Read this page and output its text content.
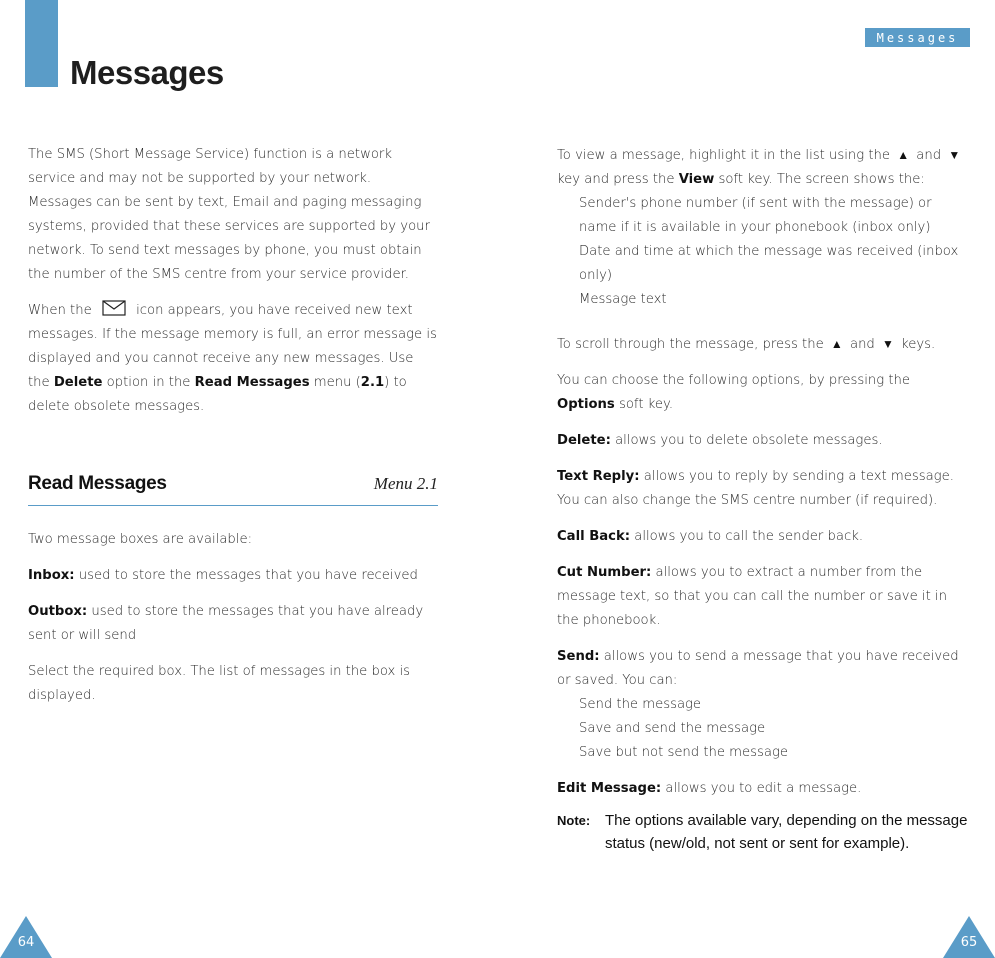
Messages
Messages

The SMS (Short Message Service) function is a network service and may not be supported by your network. Messages can be sent by text, Email and paging messaging systems, provided that these services are supported by your network. To send text messages by phone, you must obtain the number of the SMS centre from your service provider.

When the	icon appears, you have received new text messages. If the message memory is full, an error message is displayed and you cannot receive any new messages. Use the Delete option in the Read Messages menu (2.1) to delete obsolete messages.

Read Messages	Menu 2.1

Two message boxes are available:

Inbox: used to store the messages that you have received

Outbox: used to store the messages that you have already sent or will send

Select the required box. The list of messages in the box is displayed.

To view a message, highlight it in the list using the ▲ and ▼ key and press the View soft key. The screen shows the:

Sender's phone number (if sent with the message) or name if it is available in your phonebook (inbox only)

Date and time at which the message was received (inbox only)

Message text

To scroll through the message, press the ▲ and ▼ keys.

You can choose the following options, by pressing the Options soft key.

Delete: allows you to delete obsolete messages.

Text Reply: allows you to reply by sending a text message. You can also change the SMS centre number (if required).

Call Back: allows you to call the sender back.

Cut Number: allows you to extract a number from the message text, so that you can call the number or save it in the phonebook.

Send: allows you to send a message that you have received or saved. You can:

Send the message

Save and send the message

Save but not send the message

Edit Message: allows you to edit a message.

Note: The options available vary, depending on the message status (new/old, not sent or sent for example).
64	65
